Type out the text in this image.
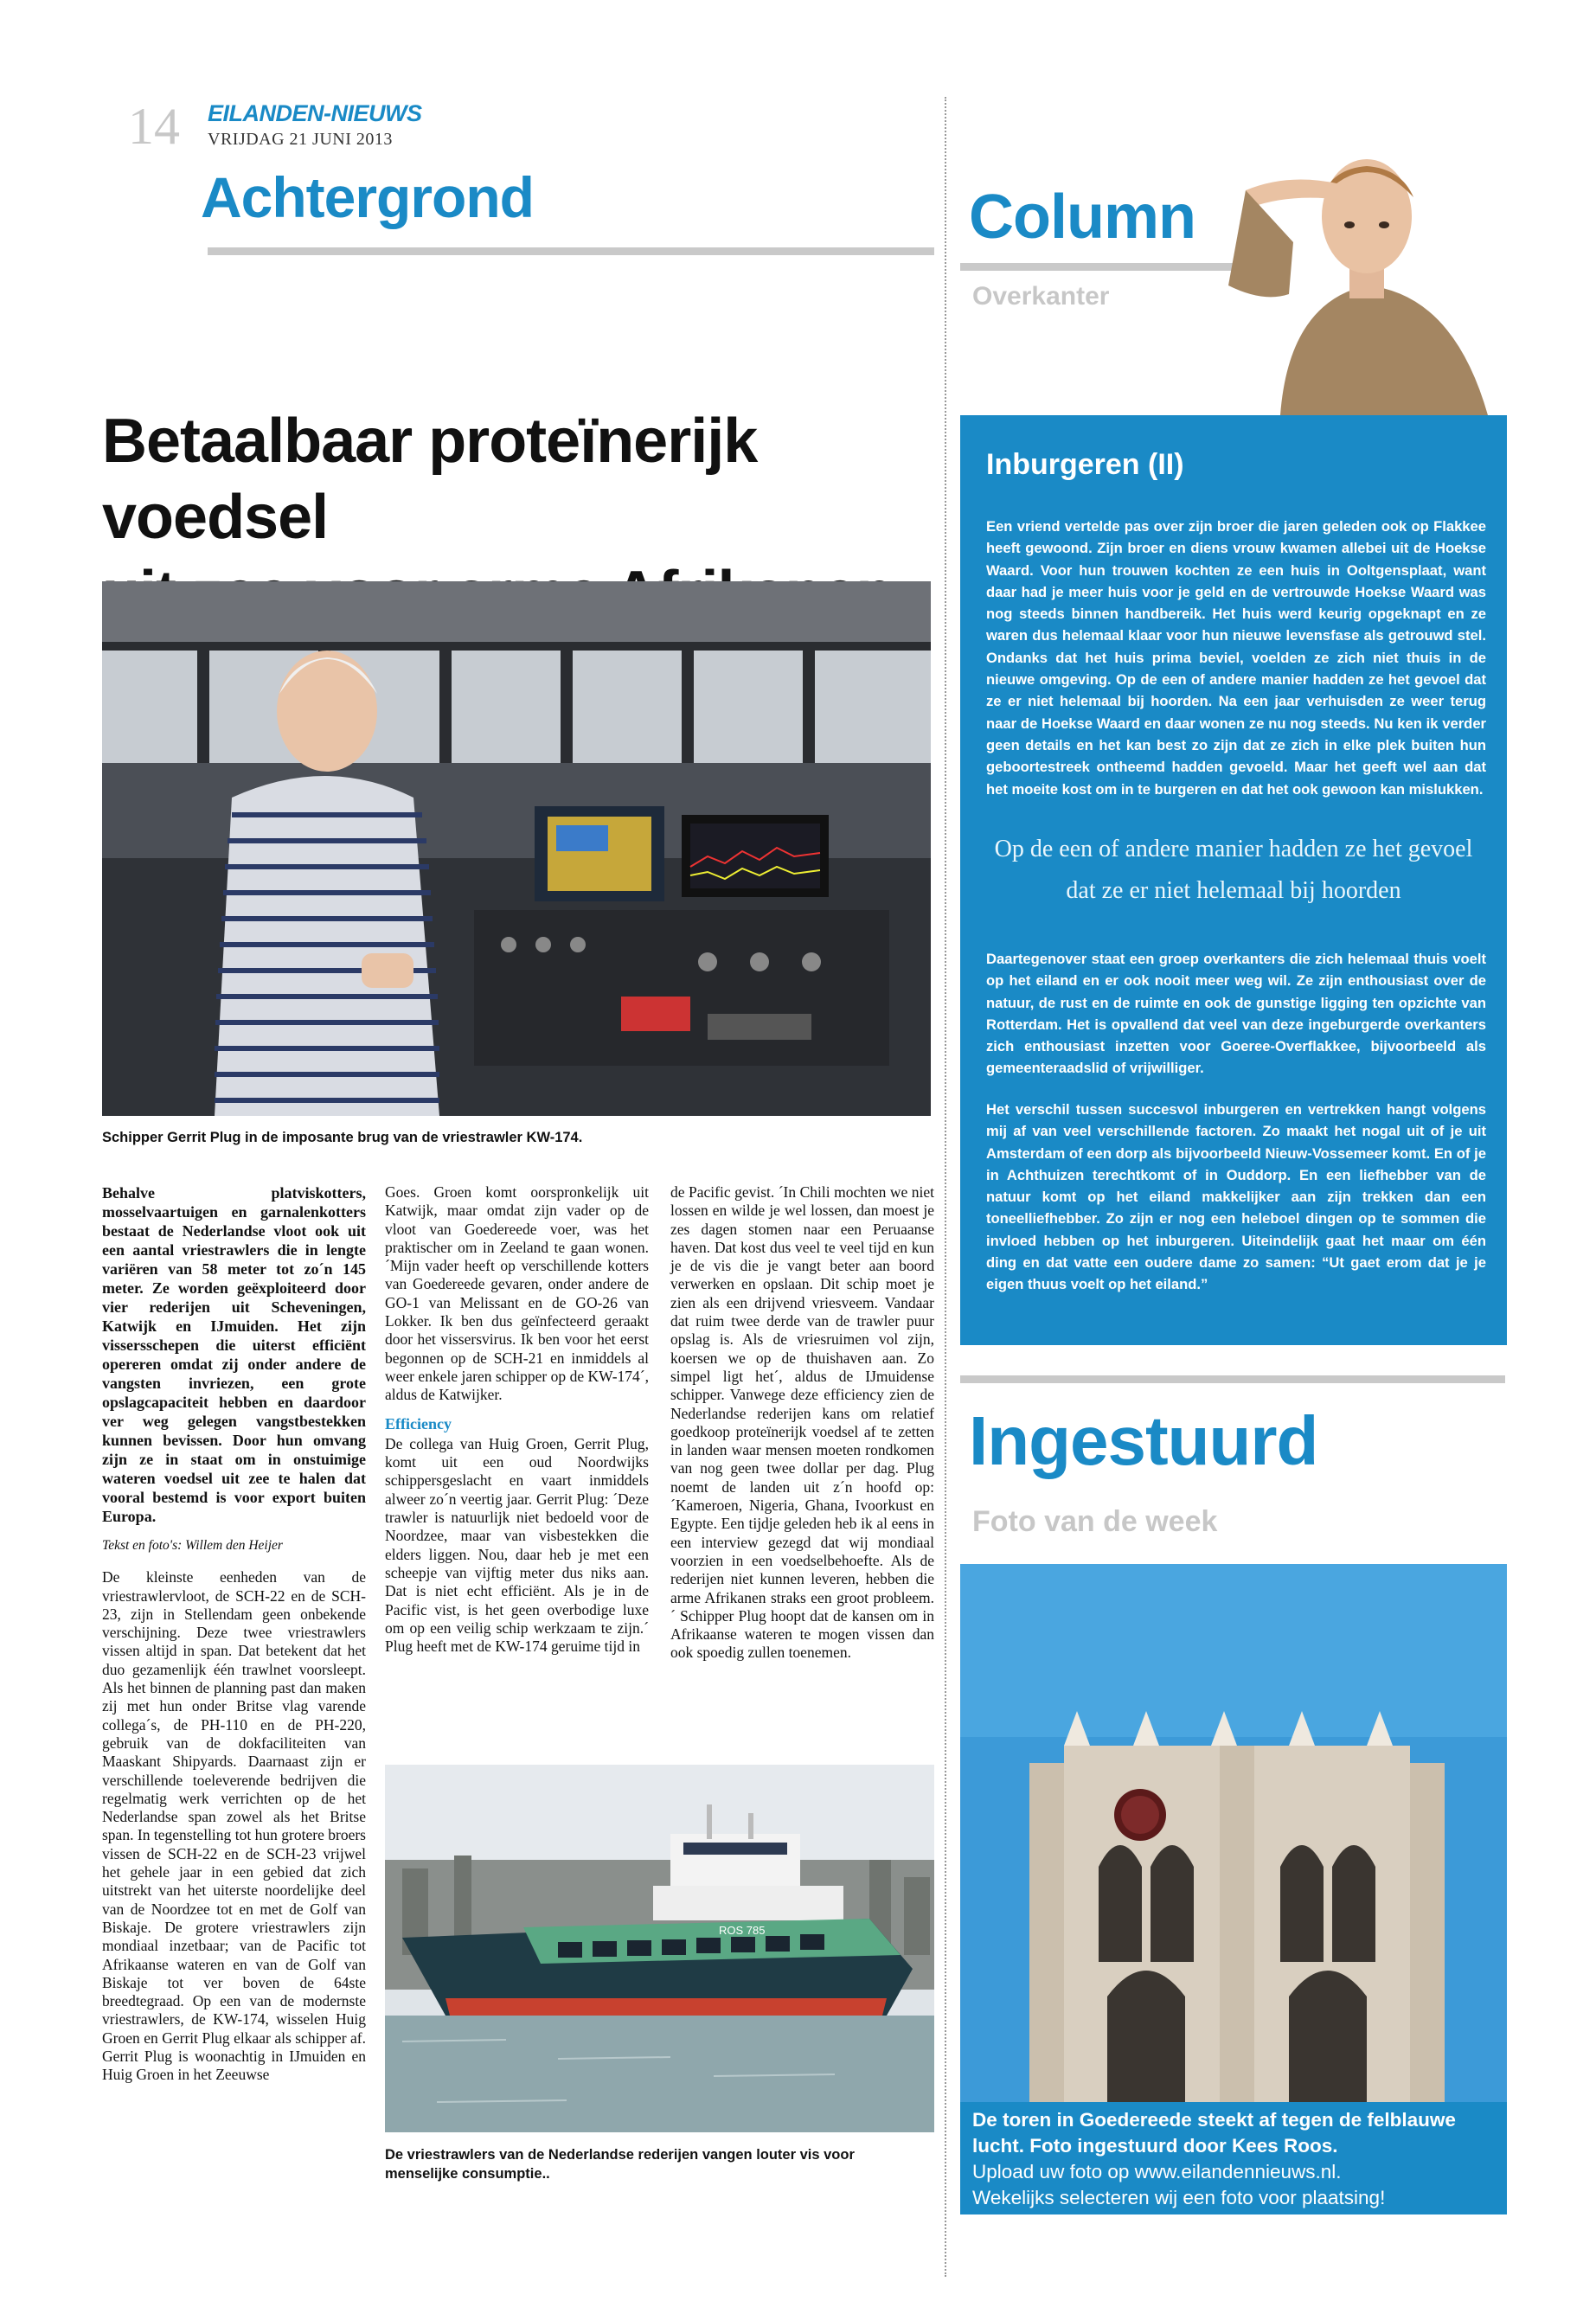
14 EILANDEN-NIEUWS
VRIJDAG 21 JUNI 2013
Achtergrond
Betaalbaar proteïnerijk voedsel
Schipper Gerrit Plug in de imposante brug van de vriestrawler KW-174.

Behalve platviskotters, mosselvaartuigen en garnalenkotters bestaat de Nederlandse vloot ook uit een aantal vriestrawlers die in lengte variëren van 58 meter tot zo´n 145 meter. Ze worden geëxploiteerd door vier rederijen uit Scheveningen, Katwijk en IJmuiden. Het zijn vissersschepen die uiterst efficiënt opereren omdat zij onder andere de vangsten invriezen, een grote opslagcapaciteit hebben en daardoor ver weg gelegen vangstbestekken kunnen bevissen. Door hun omvang zijn ze in staat om in onstuimige wateren voedsel uit zee te halen dat vooral bestemd is voor export buiten Europa.

Tekst en foto's: Willem den Heijer

De kleinste eenheden van de vriestrawlervloot, de SCH-22 en de SCH-23, zijn in Stellendam geen onbekende verschijning. Deze twee vriestrawlers vissen altijd in span. Dat betekent dat het duo gezamenlijk één trawlnet voorsleept. Als het binnen de planning past dan maken zij met hun onder Britse vlag varende collega´s, de PH-110 en de PH-220, gebruik van de dokfaciliteiten van Maaskant Shipyards. Daarnaast zijn er verschillende toeleverende bedrijven die regelmatig werk verrichten op de het Nederlandse span zowel als het Britse span. In tegenstelling tot hun grotere broers vissen de SCH-22 en de SCH-23 vrijwel het gehele jaar in een gebied dat zich uitstrekt van het uiterste noordelijke deel van de Noordzee tot en met de Golf van Biskaje. De grotere vriestrawlers zijn mondiaal inzetbaar; van de Pacific tot Afrikaanse wateren en van de Golf van Biskaje tot ver boven de 64ste breedtegraad. Op een van de modernste vriestrawlers, de KW-174, wisselen Huig Groen en Gerrit Plug elkaar als schipper af. Gerrit Plug is woonachtig in IJmuiden en Huig Groen in het Zeeuwse

Goes. Groen komt oorspronkelijk uit Katwijk, maar omdat zijn vader op de vloot van Goedereede voer, was het praktischer om in Zeeland te gaan wonen. ´Mijn vader heeft op verschillende kotters van Goedereede gevaren, onder andere de GO-1 van Melissant en de GO-26 van Lokker. Ik ben dus geïnfecteerd geraakt door het vissersvirus. Ik ben voor het eerst begonnen op de SCH-21 en inmiddels al weer enkele jaren schipper op de KW-174´, aldus de Katwijker.

Efficiency

De collega van Huig Groen, Gerrit Plug, komt uit een oud Noordwijks schippersgeslacht en vaart inmiddels alweer zo´n veertig jaar. Gerrit Plug: ´Deze trawler is natuurlijk niet bedoeld voor de Noordzee, maar van visbestekken die elders liggen. Nou, daar heb je met een scheepje van vijftig meter dus niks aan. Dat is niet echt efficiënt. Als je in de Pacific vist, is het geen overbodige luxe om op een veilig schip werkzaam te zijn.´ Plug heeft met de KW-174 geruime tijd in

de Pacific gevist. ´In Chili mochten we niet lossen en wilde je wel lossen, dan moest je zes dagen stomen naar een Peruaanse haven. Dat kost dus veel te veel tijd en kun je de vis die je vangt beter aan boord verwerken en opslaan. Dit schip moet je zien als een drijvend vriesveem. Vandaar dat ruim twee derde van de trawler puur opslag is. Als de vriesruimen vol zijn, koersen we op de thuishaven aan. Zo simpel ligt het´, aldus de IJmuidense schipper. Vanwege deze efficiency zien de Nederlandse rederijen kans om relatief goedkoop proteïnerijk voedsel af te zetten in landen waar mensen moeten rondkomen van nog geen twee dollar per dag. Plug noemt de landen uit z´n hoofd op: ´Kameroen, Nigeria, Ghana, Ivoorkust en Egypte. Een tijdje geleden heb ik al eens in een interview gezegd dat wij mondiaal voorzien in een voedselbehoefte. Als de rederijen niet kunnen leveren, hebben die arme Afrikanen straks een groot probleem.´ Schipper Plug hoopt dat de kansen om in Afrikaanse wateren te mogen vissen dan ook spoedig zullen toenemen.

ROS 785
De vriestrawlers van de Nederlandse rederijen vangen louter vis voor menselijke consumptie..
Column
Overkanter
Inburgeren (II)
Een vriend vertelde pas over zijn broer die jaren geleden ook op Flakkee heeft gewoond. Zijn broer en diens vrouw kwamen allebei uit de Hoekse Waard. Voor hun trouwen kochten ze een huis in Ooltgensplaat, want daar had je meer huis voor je geld en de vertrouwde Hoekse Waard was nog steeds binnen handbereik. Het huis werd keurig opgeknapt en ze waren dus helemaal klaar voor hun nieuwe levensfase als getrouwd stel. Ondanks dat het huis prima beviel, voelden ze zich niet thuis in de nieuwe omgeving. Op de een of andere manier hadden ze het gevoel dat ze er niet helemaal bij hoorden. Na een jaar verhuisden ze weer terug naar de Hoekse Waard en daar wonen ze nu nog steeds. Nu ken ik verder geen details en het kan best zo zijn dat ze zich in elke plek buiten hun geboortestreek ontheemd hadden gevoeld. Maar het geeft wel aan dat het moeite kost om in te burgeren en dat het ook gewoon kan mislukken.
Op de een of andere manier hadden ze het gevoel dat ze er niet helemaal bij hoorden
Daartegenover staat een groep overkanters die zich helemaal thuis voelt op het eiland en er ook nooit meer weg wil. Ze zijn enthousiast over de natuur, de rust en de ruimte en ook de gunstige ligging ten opzichte van Rotterdam. Het is opvallend dat veel van deze ingeburgerde overkanters zich enthousiast inzetten voor Goeree-Overflakkee, bijvoorbeeld als gemeenteraadslid of vrijwilliger.
Het verschil tussen succesvol inburgeren en vertrekken hangt volgens mij af van veel verschillende factoren. Zo maakt het nogal uit of je uit Amsterdam of een dorp als bijvoorbeeld Nieuw-Vossemeer komt. En of je in Achthuizen terechtkomt of in Ouddorp. En een liefhebber van de natuur komt op het eiland makkelijker aan zijn trekken dan een toneelliefhebber. Zo zijn er nog een heleboel dingen op te sommen die invloed hebben op het inburgeren. Uiteindelijk gaat het maar om één ding en dat vatte een oudere dame zo samen: “Ut gaet erom dat je je eigen thuus voelt op het eiland.”
Ingestuurd
Foto van de week
De toren in Goedereede steekt af tegen de felblauwe
lucht. Foto ingestuurd door Kees Roos.
Upload uw foto op www.eilandennieuws.nl.
Wekelijks selecteren wij een foto voor plaatsing!
